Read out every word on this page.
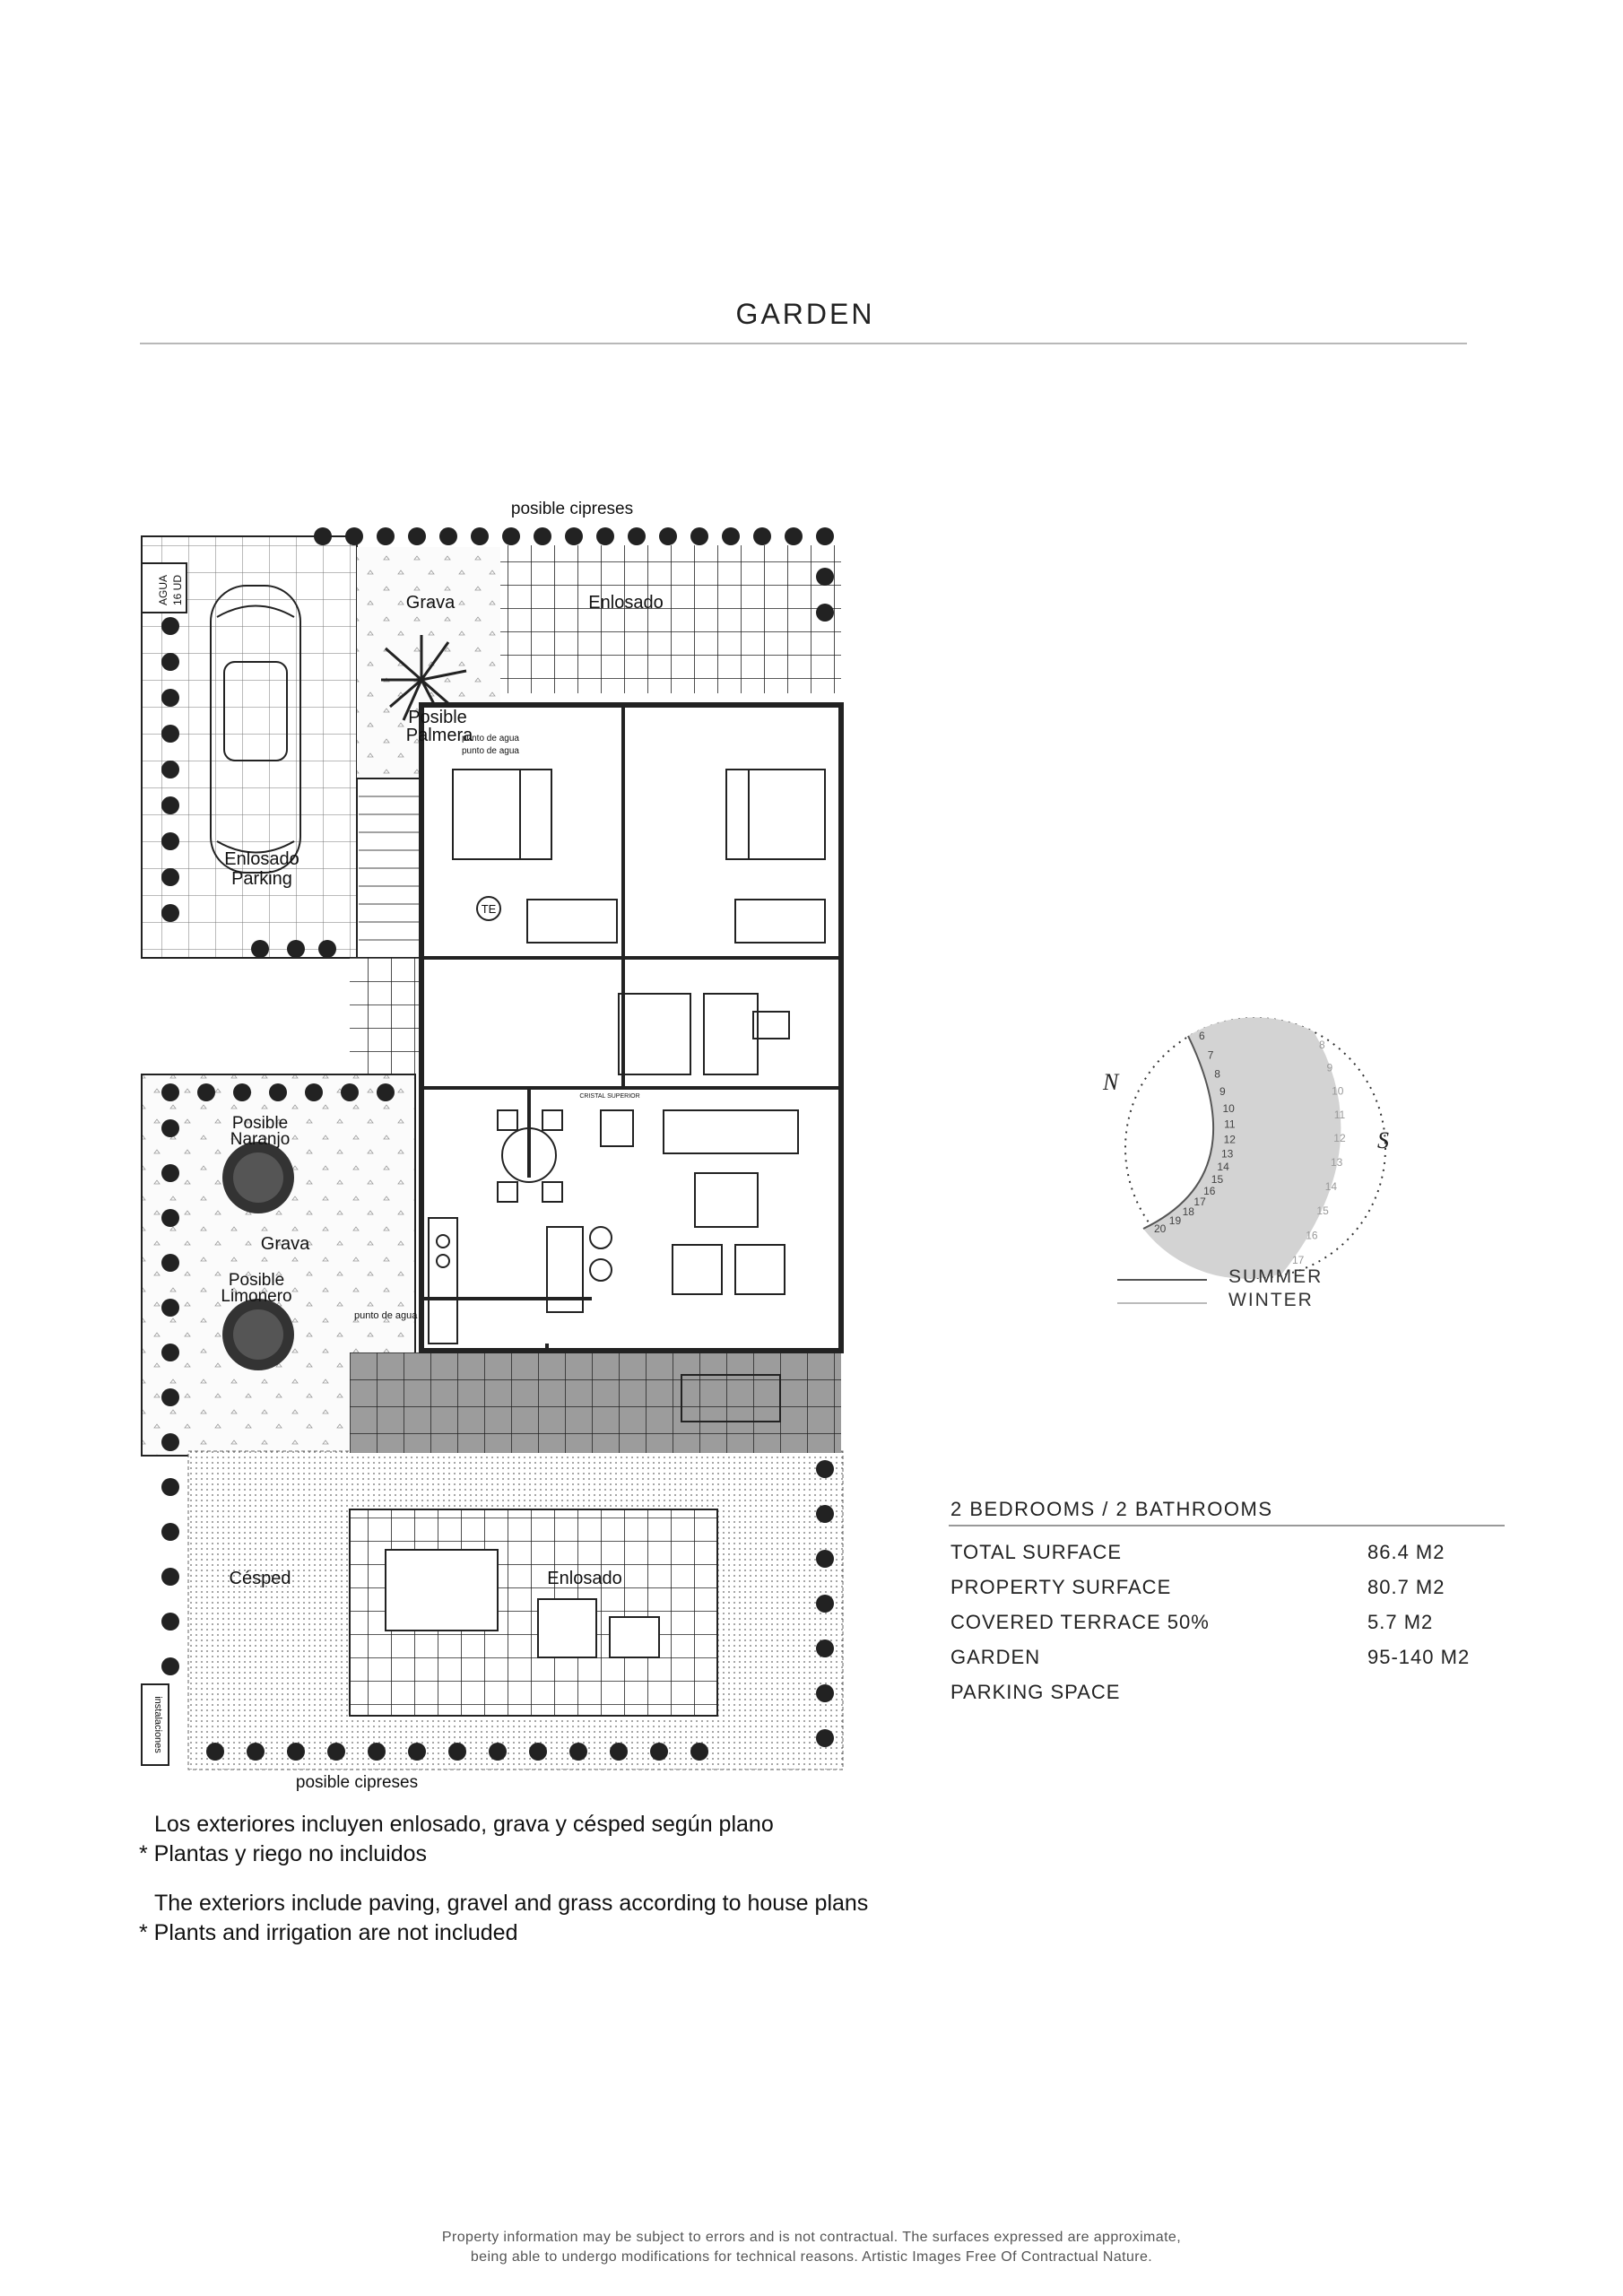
GARDEN
posible cipreses
posible cipreses
AGUA 16 UD	Grava	Enlosado
Posible
Palmera
punto de agua
punto de agua
Enlosado
Parking
TE
Posible
Naranjo
Grava
Posible
Limonero
punto de agua
Césped	Enlosado
instalaciones
CRISTAL SUPERIOR
6
7
8
9
10
11
12
13
14
15
16
17
18
19
20
8
9
10
11
12
13
14
15
16
17
N
S
SUMMER
WINTER
2 BEDROOMS / 2 BATHROOMS
TOTAL SURFACE	86.4 M2
PROPERTY SURFACE	80.7 M2
COVERED TERRACE 50%	5.7 M2
GARDEN	95-140 M2
PARKING SPACE
Los exteriores incluyen enlosado, grava y césped según plano
* Plantas y riego no incluidos
The exteriors include paving, gravel and grass according to house plans
* Plants and irrigation are not included
Property information may be subject to errors and is not contractual. The surfaces expressed are approximate,
being able to undergo modifications for technical reasons. Artistic Images Free Of Contractual Nature.
